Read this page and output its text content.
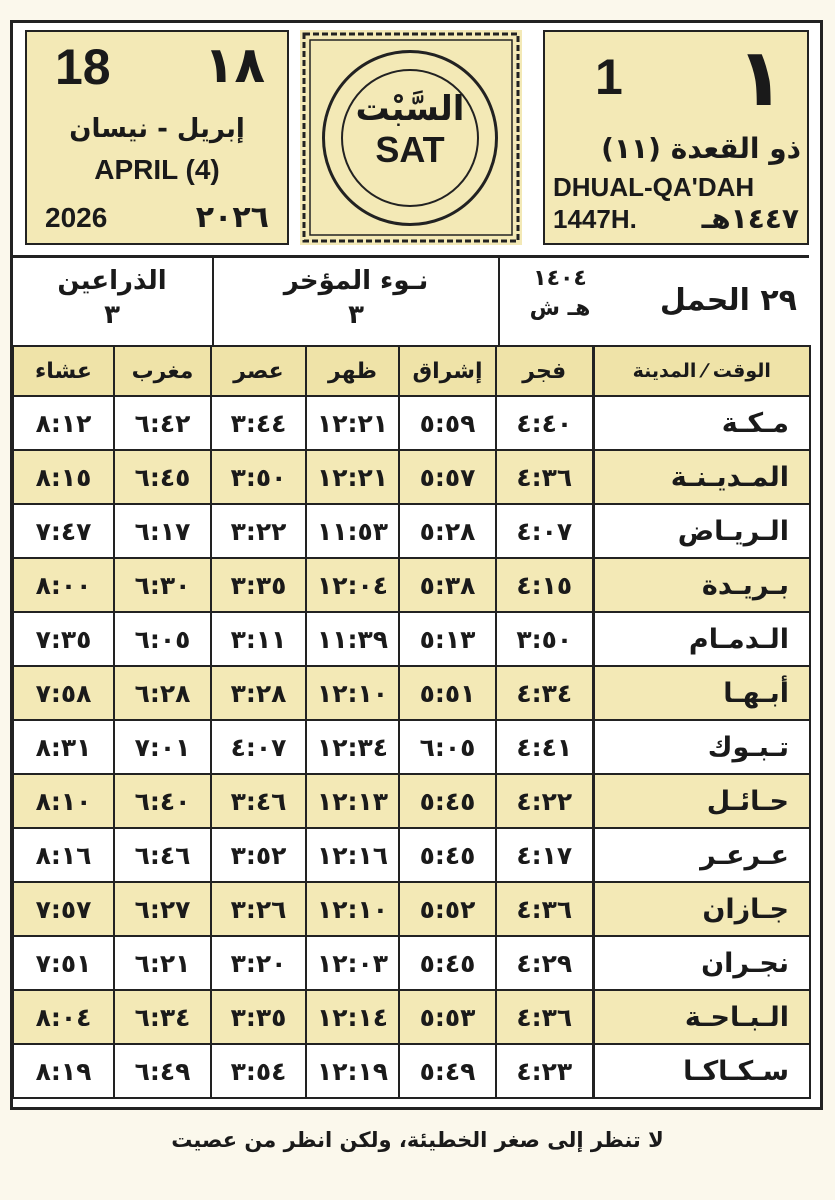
18 ١٨
إبريل - نيسان
APRIL (4)
2026	٢٠٢٦
السَّبْت
SAT
1 ١
ذو القعدة (١١)
DHUAL-QA'DAH
1447H. ١٤٤٧هـ
الذراعين
٣
نـوء المؤخر
٣
١٤٠٤
هـ ش	٢٩ الحمل
عشاء	مغرب	عصر	ظهر	إشراق	فجر	الوقت ⁄ المدينة
٨:١٢	٦:٤٢	٣:٤٤	١٢:٢١	٥:٥٩	٤:٤٠	مـكـة
٨:١٥	٦:٤٥	٣:٥٠	١٢:٢١	٥:٥٧	٤:٣٦	المـديـنـة
٧:٤٧	٦:١٧	٣:٢٢	١١:٥٣	٥:٢٨	٤:٠٧	الـريـاض
٨:٠٠	٦:٣٠	٣:٣٥	١٢:٠٤	٥:٣٨	٤:١٥	بـريـدة
٧:٣٥	٦:٠٥	٣:١١	١١:٣٩	٥:١٣	٣:٥٠	الـدمـام
٧:٥٨	٦:٢٨	٣:٢٨	١٢:١٠	٥:٥١	٤:٣٤	أبـهـا
٨:٣١	٧:٠١	٤:٠٧	١٢:٣٤	٦:٠٥	٤:٤١	تـبـوك
٨:١٠	٦:٤٠	٣:٤٦	١٢:١٣	٥:٤٥	٤:٢٢	حـائـل
٨:١٦	٦:٤٦	٣:٥٢	١٢:١٦	٥:٤٥	٤:١٧	عـرعـر
٧:٥٧	٦:٢٧	٣:٢٦	١٢:١٠	٥:٥٢	٤:٣٦	جـازان
٧:٥١	٦:٢١	٣:٢٠	١٢:٠٣	٥:٤٥	٤:٢٩	نجـران
٨:٠٤	٦:٣٤	٣:٣٥	١٢:١٤	٥:٥٣	٤:٣٦	الـبـاحـة
٨:١٩	٦:٤٩	٣:٥٤	١٢:١٩	٥:٤٩	٤:٢٣	سـكـاكـا
لا تنظر إلى صغر الخطيئة، ولكن انظر من عصيت
